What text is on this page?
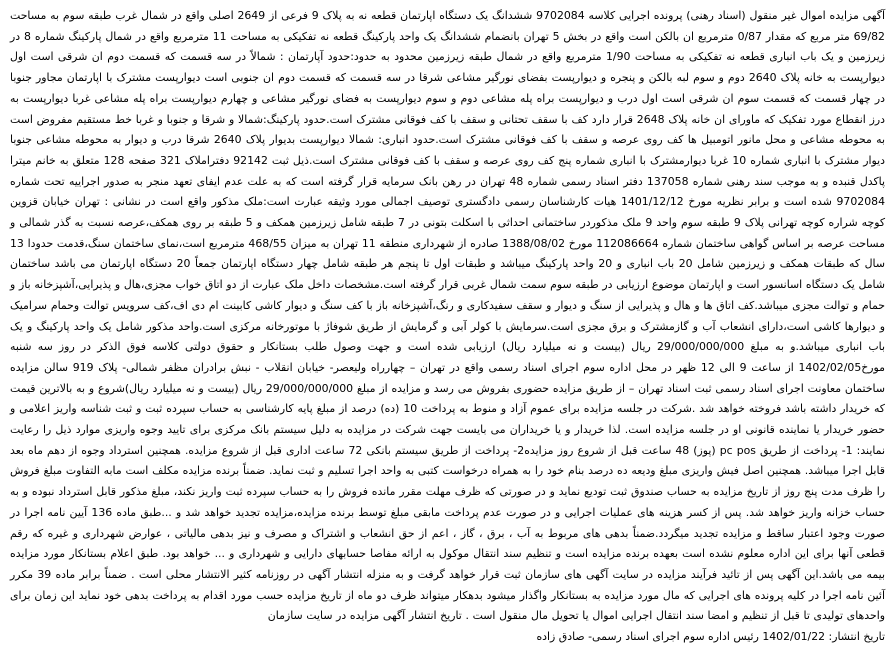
آگهی مزایده اموال غیر منقول (اسناد رهنی) پرونده اجرایی کلاسه 9702084 ششدانگ یک دستگاه اپارتمان قطعه نه به پلاک 9 فرعی از 2649 اصلی واقع در شمال غرب طبقه سوم به مساحت 69/82 متر مربع که مقدار 0/87 مترمربع ان بالکن است واقع در بخش 5 تهران بانضمام ششدانگ یک واحد پارکینگ قطعه نه تفکیکی به مساحت 11 مترمربع واقع در شمال پارکینگ شماره 8 در زیرزمین و یک باب انباری قطعه نه تفکیکی به مساحت 1/90 مترمربع واقع در شمال طبقه زیرزمین محدود به حدود:حدود آپارتمان : شمالاً در سه قسمت که قسمت دوم ان شرقی است اول دیوارپست به خانه پلاک 2640 دوم و سوم لبه بالکن و پنجره و دیوارپست بفضای نورگیر مشاعی شرقا در سه قسمت که قسمت دوم ان جنوبی است دیوارپست مشترک با اپارتمان مجاور جنوبا در چهار قسمت که قسمت سوم ان شرقی است اول درب و دیوارپست براه پله مشاعی دوم و سوم دیوارپست به فضای نورگیر مشاعی و چهارم دیوارپست براه پله مشاعی غربا دیوارپست به درز انقطاع مورد تفکیک که ماورای ان خانه پلاک 2648 قرار دارد کف با سقف تحتانی و سقف با کف فوقانی مشترک است.حدود پارکینگ:شمالا و شرقا و جنوبا و غربا خط مستقیم مفروض است به محوطه مشاعی و محل مانور اتومبیل ها کف روی عرصه و سقف با کف فوقانی مشترک است.حدود انباری: شمالا دیوارپست بدیوار پلاک 2640 شرقا درب و دیوار به محوطه مشاعی جنوبا دیوار مشترک با انباری شماره 10 غربا دیوارمشترک با انباری شماره پنج کف روی عرصه و سقف با کف فوقانی مشترک است.ذیل ثبت 92142 دفتراملاک 321 صفحه 128 متعلق به خانم میترا پاکدل قنبده و به موجب سند رهنی شماره 137058 دفتر اسناد رسمی شماره 48 تهران در رهن بانک سرمایه قرار گرفته است که به علت عدم ایفای تعهد منجر به صدور اجراییه تحت شماره 9702084 شده است و برابر نظریه مورخ 1401/12/12 هیات کارشناسان رسمی دادگستری توصیف اجمالی مورد وثیقه عبارت است:ملک مذکور واقع است در نشانی : تهران خیابان قزوین کوچه شراره کوچه تهرانی پلاک 9 طبقه سوم واحد 9 ملک مذکوردر ساختمانی احداثی با اسکلت بتونی در 7 طبقه شامل زیرزمین همکف و 5 طبقه بر روی همکف،عرصه نسبت به گذر شمالی و مساحت عرصه بر اساس گواهی ساختمان شماره 112086664 مورخ 1388/08/02 صادره از شهرداری منطقه 11 تهران به میزان 468/55 مترمربع است،نمای ساختمان سنگ،قدمت حدودا 13 سال که طبقات همکف و زیرزمین شامل 20 باب انباری و 20 واحد پارکینگ میباشد و طبقات اول تا پنجم هر طبقه شامل چهار دستگاه اپارتمان جمعاً 20 دستگاه اپارتمان می باشد ساختمان شامل یک دستگاه اسانسور است و اپارتمان موضوع ارزیابی در طبقه سوم سمت شمال غربی قرار گرفته است.مشخصات داخل ملک عبارت از دو اتاق خواب مجزی،هال و پذیرایی،آشپزخانه باز و حمام و توالت مجزی میباشد.کف اتاق ها و هال و پذیرایی از سنگ و دیوار و سقف سفیدکاری و رنگ،آشپزخانه باز با کف سنگ و دیوار کاشی کابینت ام دی اف،کف سرویس توالت وحمام سرامیک و دیوارها کاشی است،دارای انشعاب آب و گازمشترک و برق مجزی است.سرمایش با کولر آبی و گرمایش از طریق شوفاژ با موتورخانه مرکزی است.واحد مذکور شامل یک واحد پارکینگ و یک باب انباری میباشد.و به مبلغ 29/000/000/000 ریال (بیست و نه میلیارد ریال) ارزیابی شده است و جهت وصول طلب بستانکار و حقوق دولتی کلاسه فوق الذکر در روز سه شنبه مورخ1402/02/05 از ساعت 9 الی 12 ظهر در محل اداره سوم اجرای اسناد رسمی واقع در تهران – چهارراه ولیعصر- خیابان انقلاب - نبش برادران مظفر شمالی- پلاک 919 سالن مزایده ساختمان معاونت اجرای اسناد رسمی ثبت اسناد تهران – از طریق مزایده حضوری بفروش می رسد و مزایده از مبلغ 29/000/000/000 ریال (بیست و نه میلیارد ریال)شروع و به بالاترین قیمت که خریدار داشته باشد فروخته خواهد شد .شرکت در جلسه مزایده برای عموم آزاد و منوط به پرداخت 10 (ده) درصد از مبلغ پایه کارشناسی به حساب سپرده ثبت و ثبت شناسه واریز اعلامی و حضور خریدار یا نماینده قانونی او در جلسه مزایده است. لذا خریدار و یا خریداران می بایست جهت شرکت در مزایده به دلیل سیستم بانک مرکزی برای تایید وجوه واریزی موارد ذیل را رعایت نمایند: 1- پرداخت از طریق pc pos (پوز) 48 ساعت قبل از شروع روز مزایده2- پرداخت از طریق سیستم بانکی 72 ساعت اداری قبل از شروع مزایده. همچنین استرداد وجوه از دهم ماه بعد قابل اجرا میباشد. همچنین اصل فیش واریزی مبلغ ودیعه ده درصد بنام خود را به همراه درخواست کتبی به واحد اجرا تسلیم و ثبت نماید. ضمناً برنده مزایده مکلف است مابه التفاوت مبلغ فروش را ظرف مدت پنج روز از تاریخ مزایده به حساب صندوق ثبت تودیع نماید و در صورتی که ظرف مهلت مقرر مانده فروش را به حساب سپرده ثبت واریز نکند، مبلغ مذکور قابل استرداد نبوده و به حساب خزانه واریز خواهد شد. پس از کسر هزینه های عملیات اجرایی و در صورت عدم پرداخت مابقی مبلغ توسط برنده مزایده،مزایده تجدید خواهد شد و ...طبق ماده 136 آیین نامه اجرا در صورت وجود اعتبار ساقط و مزایده تجدید میگردد.ضمناً بدهی های مربوط به آب ، برق ، گاز ، اعم از حق انشعاب و اشتراک و مصرف و نیز بدهی مالیاتی ، عوارض شهرداری و غیره که رقم قطعی آنها برای این اداره معلوم نشده است بعهده برنده مزایده است و تنظیم سند انتقال موکول به ارائه مفاصا حسابهای دارایی و شهرداری و ... خواهد بود. طبق اعلام بستانکار مورد مزایده بیمه می باشد.این آگهی پس از تائید فرآیند مزایده در سایت آگهی های سازمان ثبت قرار خواهد گرفت و به منزله انتشار آگهی در روزنامه کثیر الانتشار محلی است . ضمناً برابر ماده 39 مکرر آئین نامه اجرا در کلیه پرونده های اجرایی که مال مورد مزایده به بستانکار واگذار میشود بدهکار میتواند ظرف دو ماه از تاریخ مزایده حسب مورد اقدام به پرداخت بدهی خود نماید این زمان برای واحدهای تولیدی تا قبل از تنظیم و امضا سند انتقال اجرایی اموال یا تحویل مال منقول است . تاریخ انتشار آگهی مزایده در سایت سازمان

تاریخ انتشار: 1402/01/22 رئیس اداره سوم اجرای اسناد رسمی- صادق زاده
